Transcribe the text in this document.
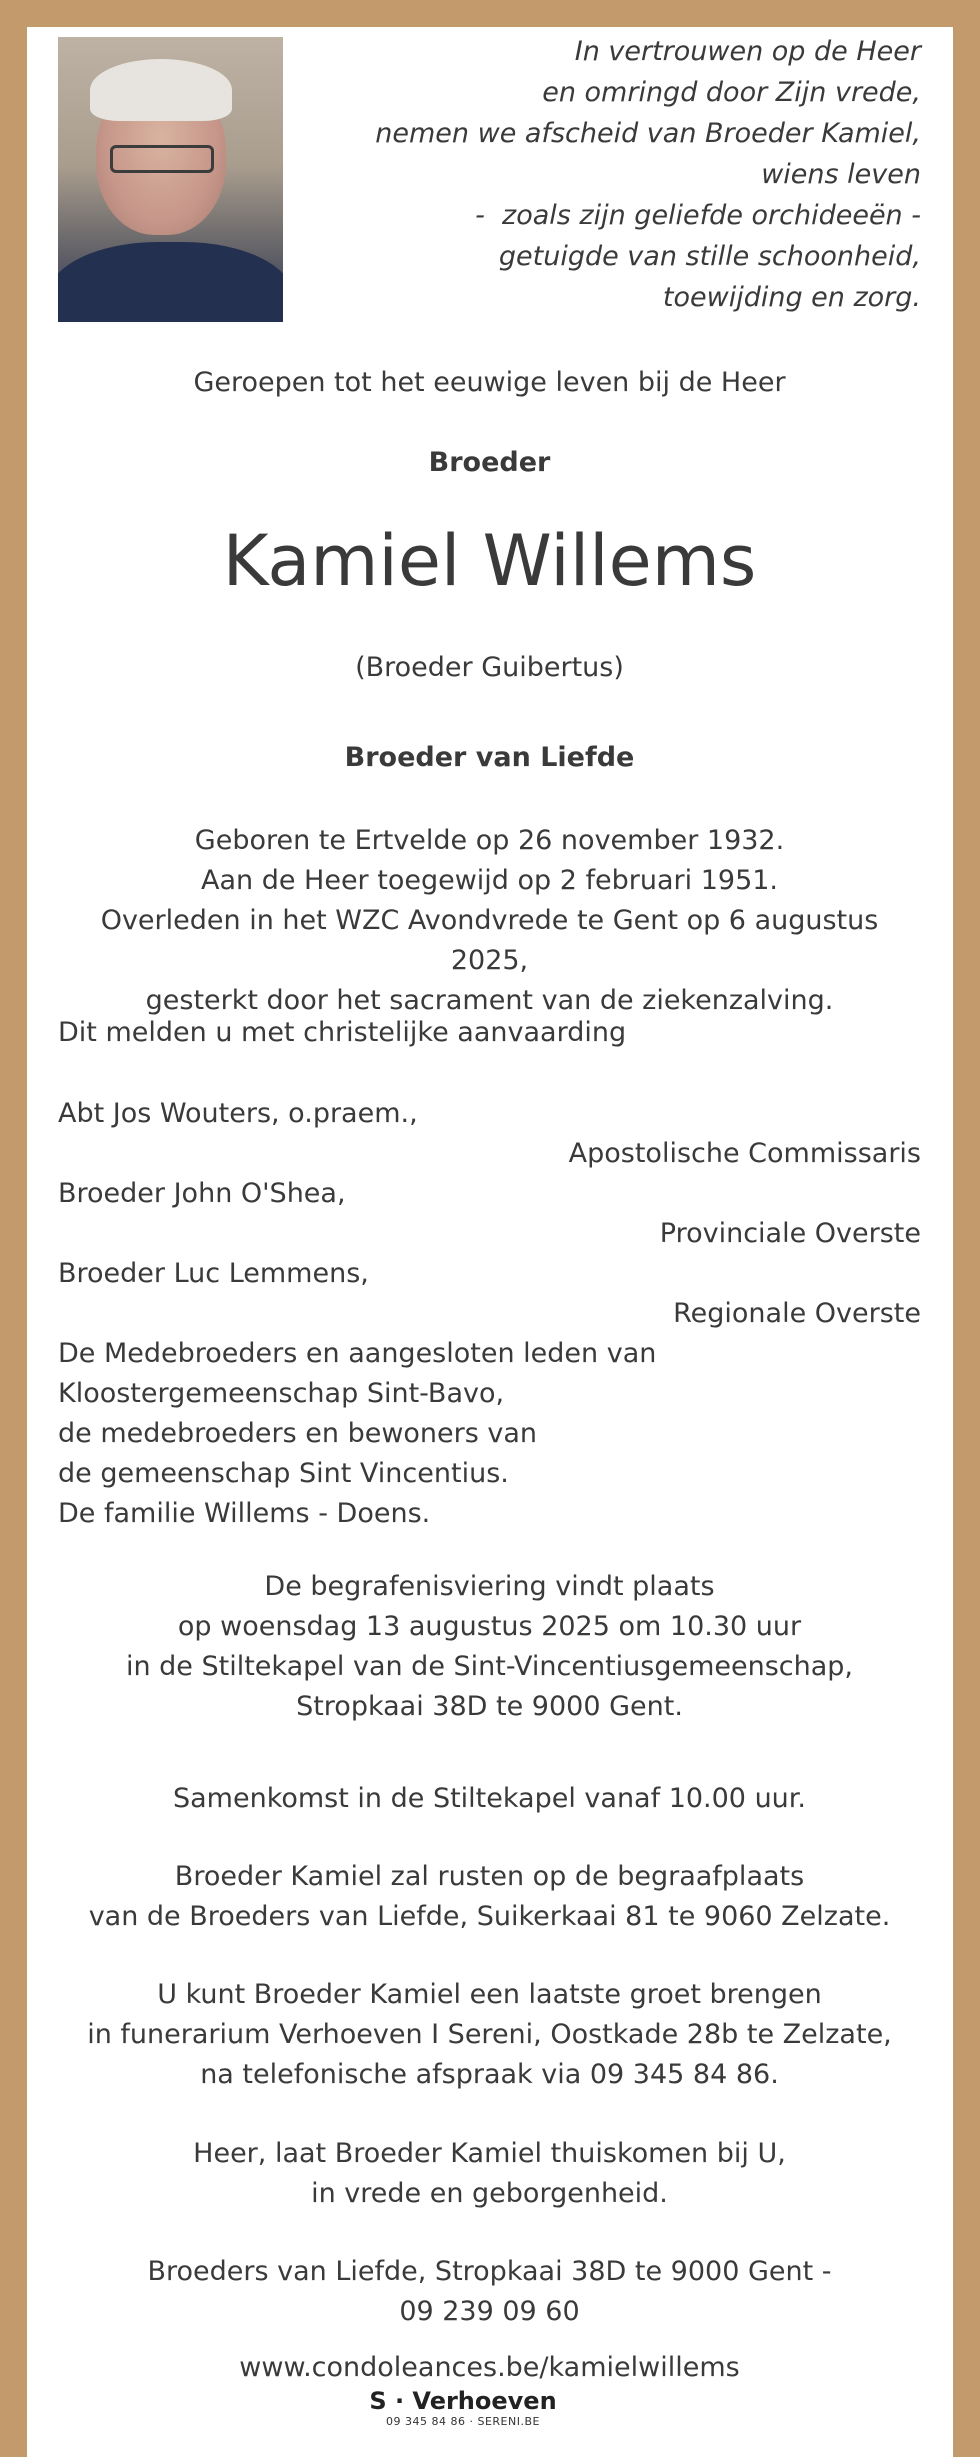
In vertrouwen op de Heer
en omringd door Zijn vrede,
nemen we afscheid van Broeder Kamiel,
wiens leven
-  zoals zijn geliefde orchideeën -
getuigde van stille schoonheid,
toewijding en zorg.
Geroepen tot het eeuwige leven bij de Heer
Broeder
Kamiel Willems
(Broeder Guibertus)
Broeder van Liefde
Geboren te Ertvelde op 26 november 1932.
Aan de Heer toegewijd op 2 februari 1951.
Overleden in het WZC Avondvrede te Gent op 6 augustus 2025,
gesterkt door het sacrament van de ziekenzalving.
Dit melden u met christelijke aanvaarding
Abt Jos Wouters, o.praem.,
Apostolische Commissaris
Broeder John O'Shea,
Provinciale Overste
Broeder Luc Lemmens,
Regionale Overste
De Medebroeders en aangesloten leden van
Kloostergemeenschap Sint-Bavo,
de medebroeders en bewoners van
de gemeenschap Sint Vincentius.
De familie Willems - Doens.
De begrafenisviering vindt plaats
op woensdag 13 augustus 2025 om 10.30 uur
in de Stiltekapel van de Sint-Vincentiusgemeenschap,
Stropkaai 38D te 9000 Gent.
Samenkomst in de Stiltekapel vanaf 10.00 uur.
Broeder Kamiel zal rusten op de begraafplaats
van de Broeders van Liefde, Suikerkaai 81 te 9060 Zelzate.
U kunt Broeder Kamiel een laatste groet brengen
in funerarium Verhoeven I Sereni, Oostkade 28b te Zelzate,
na telefonische afspraak via 09 345 84 86.
Heer, laat Broeder Kamiel thuiskomen bij U,
in vrede en geborgenheid.
Broeders van Liefde, Stropkaai 38D te 9000 Gent -
09 239 09 60
www.condoleances.be/kamielwillems
S · Verhoeven
09 345 84 86 · SERENI.BE
